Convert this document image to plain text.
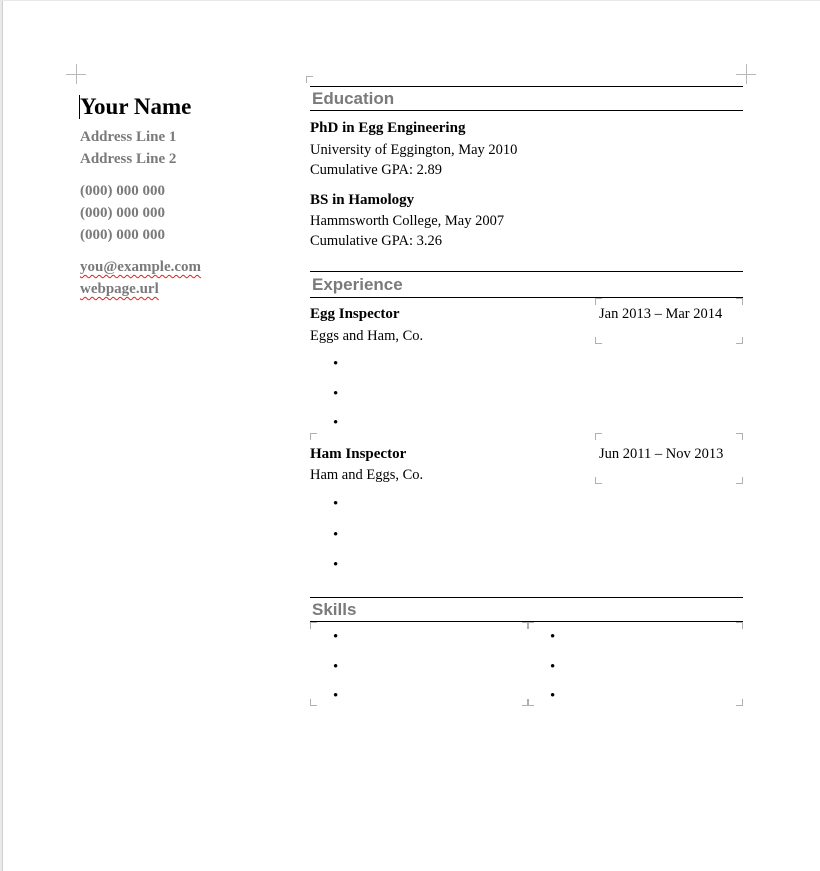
Your Name
Address Line 1
Address Line 2
(000) 000 000
(000) 000 000
(000) 000 000
you@example.com
webpage.url
Education
PhD in Egg Engineering
University of Eggington, May 2010
Cumulative GPA: 2.89
BS in Hamology
Hammsworth College, May 2007
Cumulative GPA: 3.26
Experience
Egg Inspector
Eggs and Ham, Co.
Jan 2013 – Mar 2014
•
•
•
Ham Inspector
Ham and Eggs, Co.
Jun 2011 – Nov 2013
•
•
•
Skills
•
•
•
•
•
•
